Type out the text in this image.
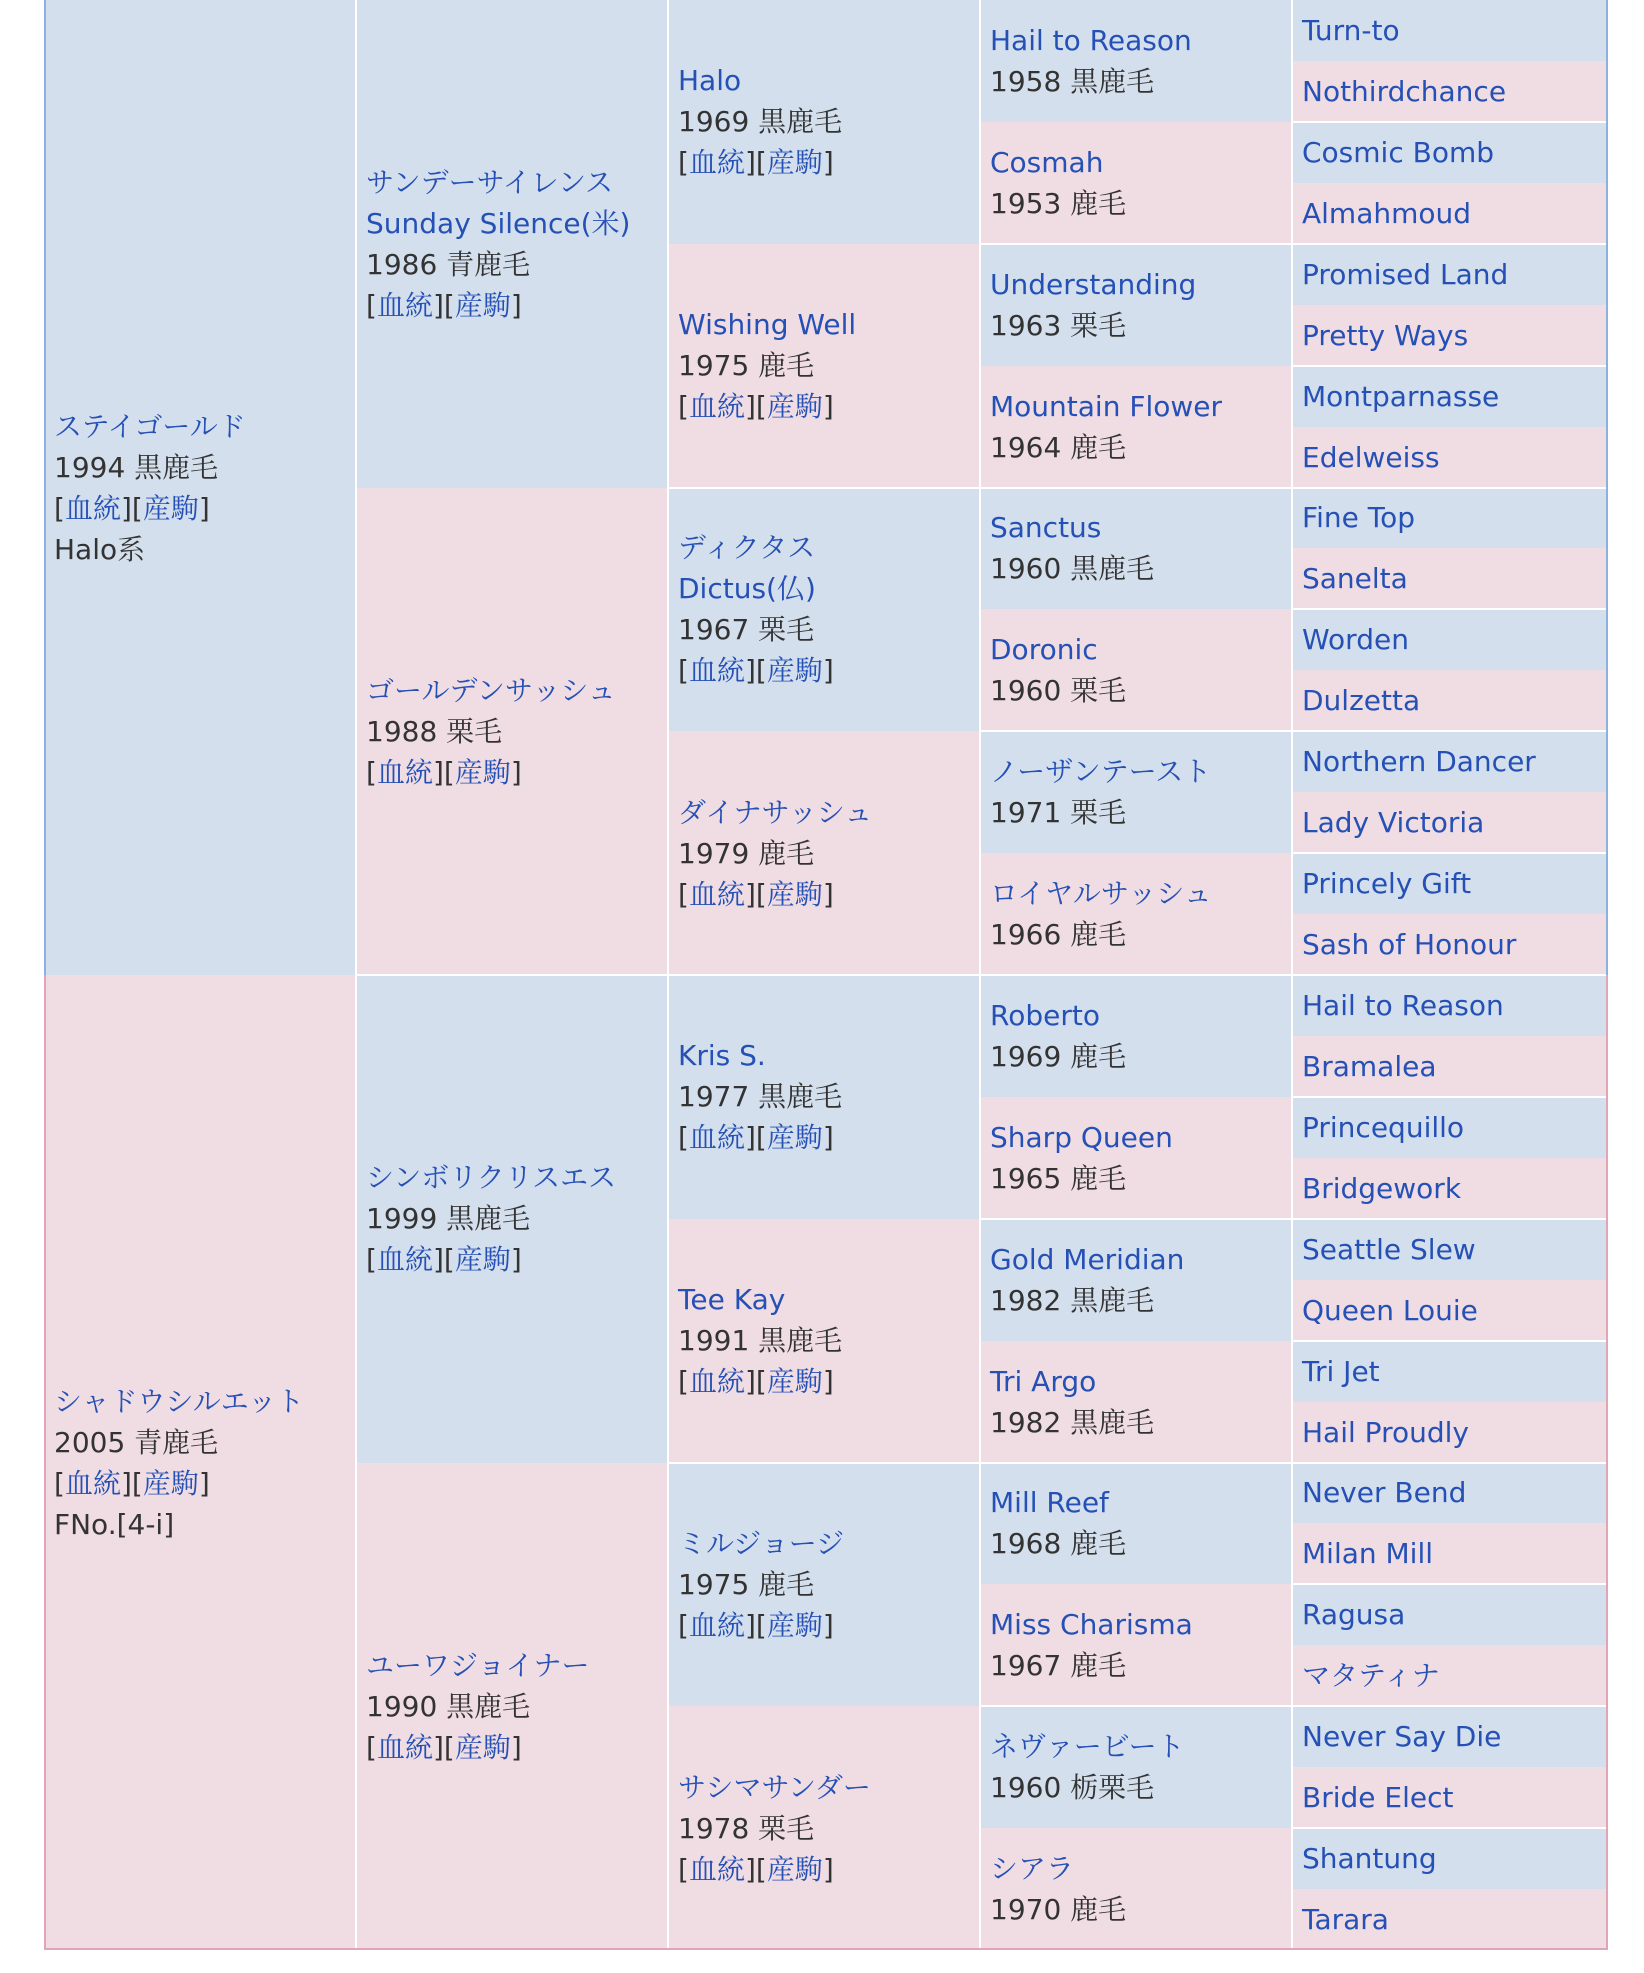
ステイゴールド
1994 黒鹿毛
[血統][産駒]
Halo系
サンデーサイレンス
Sunday Silence(米)
1986 青鹿毛
[血統][産駒]
Halo
1969 黒鹿毛
[血統][産駒]
Hail to Reason
1958 黒鹿毛
Turn-to
Nothirdchance
Cosmah
1953 鹿毛
Cosmic Bomb
Almahmoud
Wishing Well
1975 鹿毛
[血統][産駒]
Understanding
1963 栗毛
Promised Land
Pretty Ways
Mountain Flower
1964 鹿毛
Montparnasse
Edelweiss
ゴールデンサッシュ
1988 栗毛
[血統][産駒]
ディクタス
Dictus(仏)
1967 栗毛
[血統][産駒]
Sanctus
1960 黒鹿毛
Fine Top
Sanelta
Doronic
1960 栗毛
Worden
Dulzetta
ダイナサッシュ
1979 鹿毛
[血統][産駒]
ノーザンテースト
1971 栗毛
Northern Dancer
Lady Victoria
ロイヤルサッシュ
1966 鹿毛
Princely Gift
Sash of Honour
シャドウシルエット
2005 青鹿毛
[血統][産駒]
FNo.[4-i]
シンボリクリスエス
1999 黒鹿毛
[血統][産駒]
Kris S.
1977 黒鹿毛
[血統][産駒]
Roberto
1969 鹿毛
Hail to Reason
Bramalea
Sharp Queen
1965 鹿毛
Princequillo
Bridgework
Tee Kay
1991 黒鹿毛
[血統][産駒]
Gold Meridian
1982 黒鹿毛
Seattle Slew
Queen Louie
Tri Argo
1982 黒鹿毛
Tri Jet
Hail Proudly
ユーワジョイナー
1990 黒鹿毛
[血統][産駒]
ミルジョージ
1975 鹿毛
[血統][産駒]
Mill Reef
1968 鹿毛
Never Bend
Milan Mill
Miss Charisma
1967 鹿毛
Ragusa
マタティナ
サシマサンダー
1978 栗毛
[血統][産駒]
ネヴァービート
1960 栃栗毛
Never Say Die
Bride Elect
シアラ
1970 鹿毛
Shantung
Tarara
